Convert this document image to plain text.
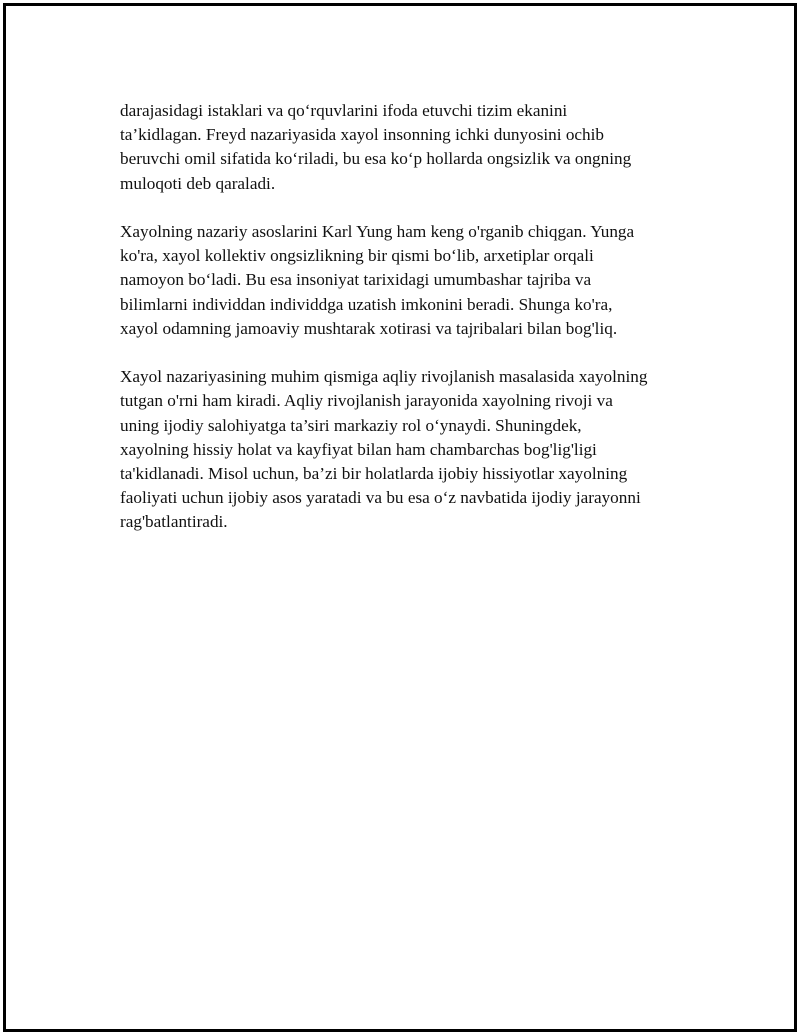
darajasidagi istaklari va qo‘rquvlarini ifoda etuvchi tizim ekanini
ta’kidlagan. Freyd nazariyasida xayol insonning ichki dunyosini ochib
beruvchi omil sifatida ko‘riladi, bu esa ko‘p hollarda ongsizlik va ongning
muloqoti deb qaraladi.

Xayolning nazariy asoslarini Karl Yung ham keng o'rganib chiqgan. Yunga
ko'ra, xayol kollektiv ongsizlikning bir qismi bo‘lib, arxetiplar orqali
namoyon bo‘ladi. Bu esa insoniyat tarixidagi umumbashar tajriba va
bilimlarni individdan individdga uzatish imkonini beradi. Shunga ko'ra,
xayol odamning jamoaviy mushtarak xotirasi va tajribalari bilan bog'liq.

Xayol nazariyasining muhim qismiga aqliy rivojlanish masalasida xayolning
tutgan o'rni ham kiradi. Aqliy rivojlanish jarayonida xayolning rivoji va
uning ijodiy salohiyatga ta’siri markaziy rol o‘ynaydi. Shuningdek,
xayolning hissiy holat va kayfiyat bilan ham chambarchas bog'lig'ligi
ta'kidlanadi. Misol uchun, ba’zi bir holatlarda ijobiy hissiyotlar xayolning
faoliyati uchun ijobiy asos yaratadi va bu esa o‘z navbatida ijodiy jarayonni
rag'batlantiradi.
